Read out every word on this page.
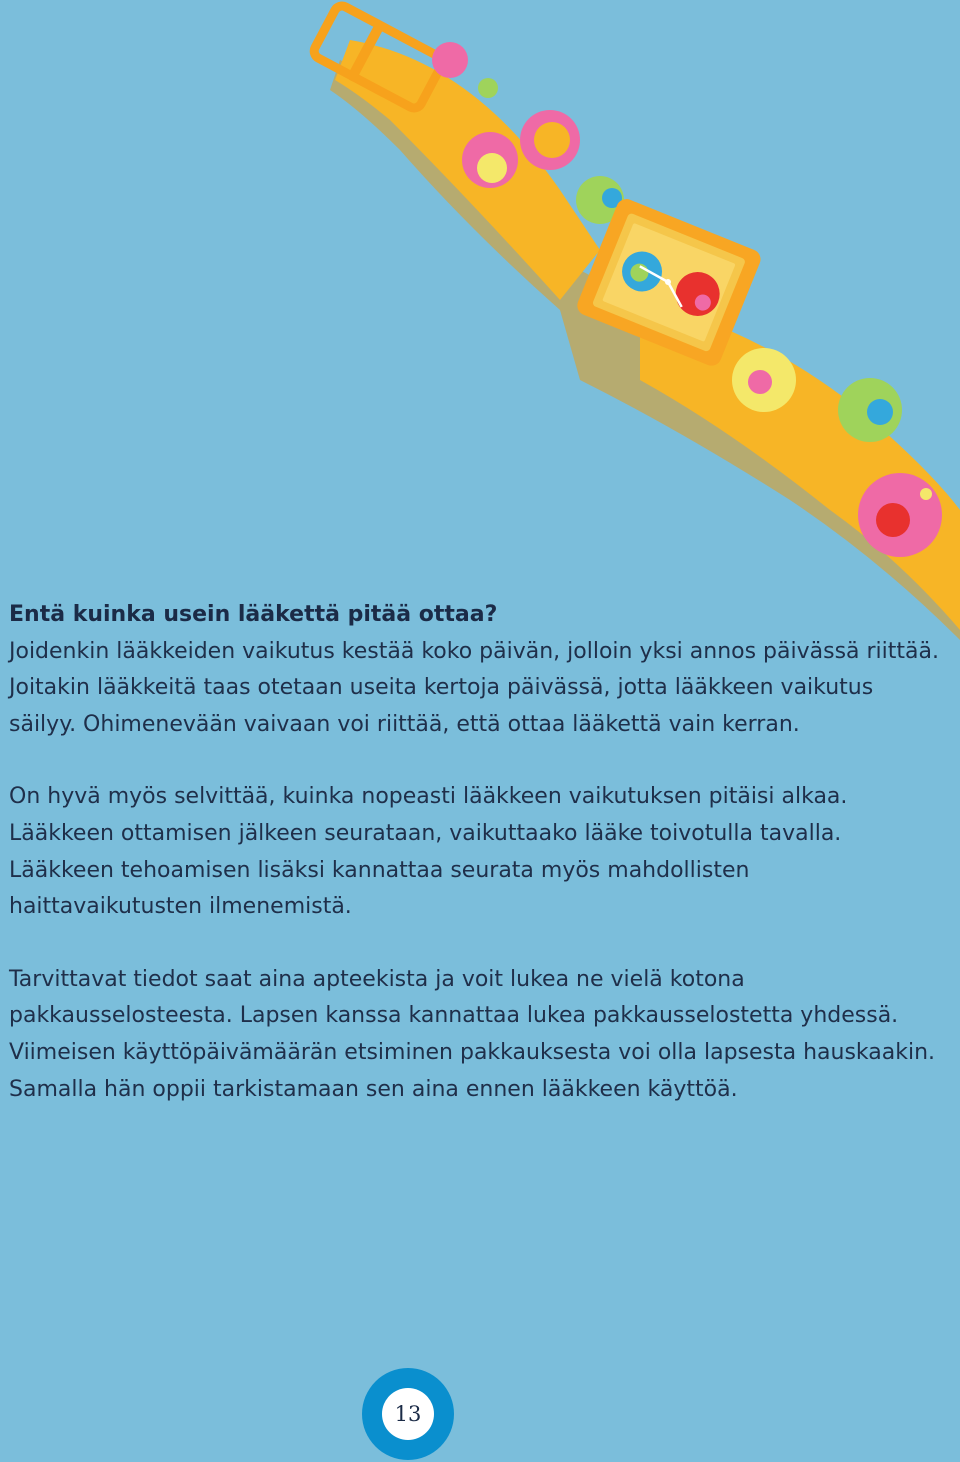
Entä kuinka usein lääkettä pitää ottaa?

Joidenkin lääkkeiden vaikutus kestää koko päivän, jolloin yksi annos päivässä riittää. Joitakin lääkkeitä taas otetaan useita kertoja päivässä, jotta lääkkeen vaikutus säilyy. Ohimenevään vaivaan voi riittää, että ottaa lääkettä vain kerran.

On hyvä myös selvittää, kuinka nopeasti lääkkeen vaikutuksen pitäisi alkaa. Lääkkeen ottamisen jälkeen seurataan, vaikuttaako lääke toivotulla tavalla. Lääkkeen tehoamisen lisäksi kannattaa seurata myös mahdollisten haittavaikutusten ilmenemistä.

Tarvittavat tiedot saat aina apteekista ja voit lukea ne vielä kotona pakkausselosteesta. Lapsen kanssa kannattaa lukea pakkausselostetta yhdessä. Viimeisen käyttöpäivämäärän etsiminen pakkauksesta voi olla lapsesta hauskaakin. Samalla hän oppii tarkistamaan sen aina ennen lääkkeen käyttöä.

13
